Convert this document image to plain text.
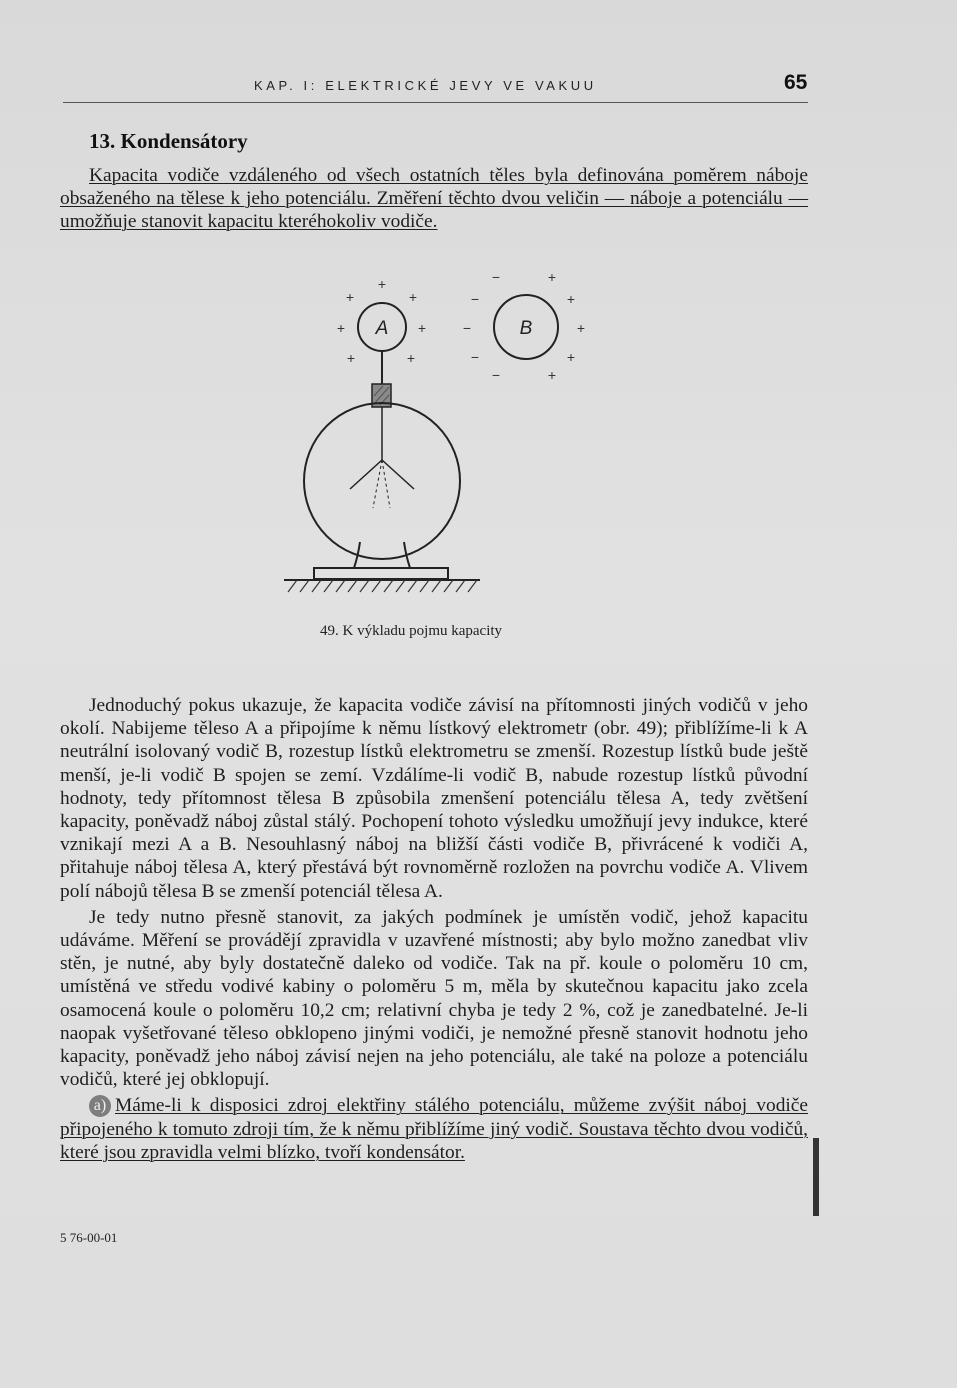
KAP. I: ELEKTRICKÉ JEVY VE VAKUU	65
13. Kondensátory

Kapacita vodiče vzdáleného od všech ostatních těles byla definována poměrem náboje obsaženého na tělese k jeho potenciálu. Změření těchto dvou veličin — náboje a potenciálu — umožňuje stanovit kapacitu kteréhokoliv vodiče.

A
+
+	+
+	+
+	+
B
−	+
−	+
−	+
−	+
−	+
49. K výkladu pojmu kapacity

Jednoduchý pokus ukazuje, že kapacita vodiče závisí na přítomnosti jiných vodičů v jeho okolí. Nabijeme těleso A a připojíme k němu lístkový elektrometr (obr. 49); přiblížíme-li k A neutrální isolovaný vodič B, rozestup lístků elektrometru se zmenší. Rozestup lístků bude ještě menší, je-li vodič B spojen se zemí. Vzdálíme-li vodič B, nabude rozestup lístků původní hodnoty, tedy přítomnost tělesa B způsobila zmenšení potenciálu tělesa A, tedy zvětšení kapacity, poněvadž náboj zůstal stálý. Pochopení tohoto výsledku umožňují jevy indukce, které vznikají mezi A a B. Nesouhlasný náboj na bližší části vodiče B, přivrácené k vodiči A, přitahuje náboj tělesa A, který přestává být rovnoměrně rozložen na povrchu vodiče A. Vlivem polí nábojů tělesa B se zmenší potenciál tělesa A.

Je tedy nutno přesně stanovit, za jakých podmínek je umístěn vodič, jehož kapacitu udáváme. Měření se provádějí zpravidla v uzavřené místnosti; aby bylo možno zanedbat vliv stěn, je nutné, aby byly dostatečně daleko od vodiče. Tak na př. koule o poloměru 10 cm, umístěná ve středu vodivé kabiny o poloměru 5 m, měla by skutečnou kapacitu jako zcela osamocená koule o poloměru 10,2 cm; relativní chyba je tedy 2 %, což je zanedbatelné. Je-li naopak vyšetřované těleso obklopeno jinými vodiči, je nemožné přesně stanovit hodnotu jeho kapacity, poněvadž jeho náboj závisí nejen na jeho potenciálu, ale také na poloze a potenciálu vodičů, které jej obklopují.

a) Máme-li k disposici zdroj elektřiny stálého potenciálu, můžeme zvýšit náboj vodiče připojeného k tomuto zdroji tím, že k němu přiblížíme jiný vodič. Soustava těchto dvou vodičů, které jsou zpravidla velmi blízko, tvoří kondensátor.

5 76-00-01
